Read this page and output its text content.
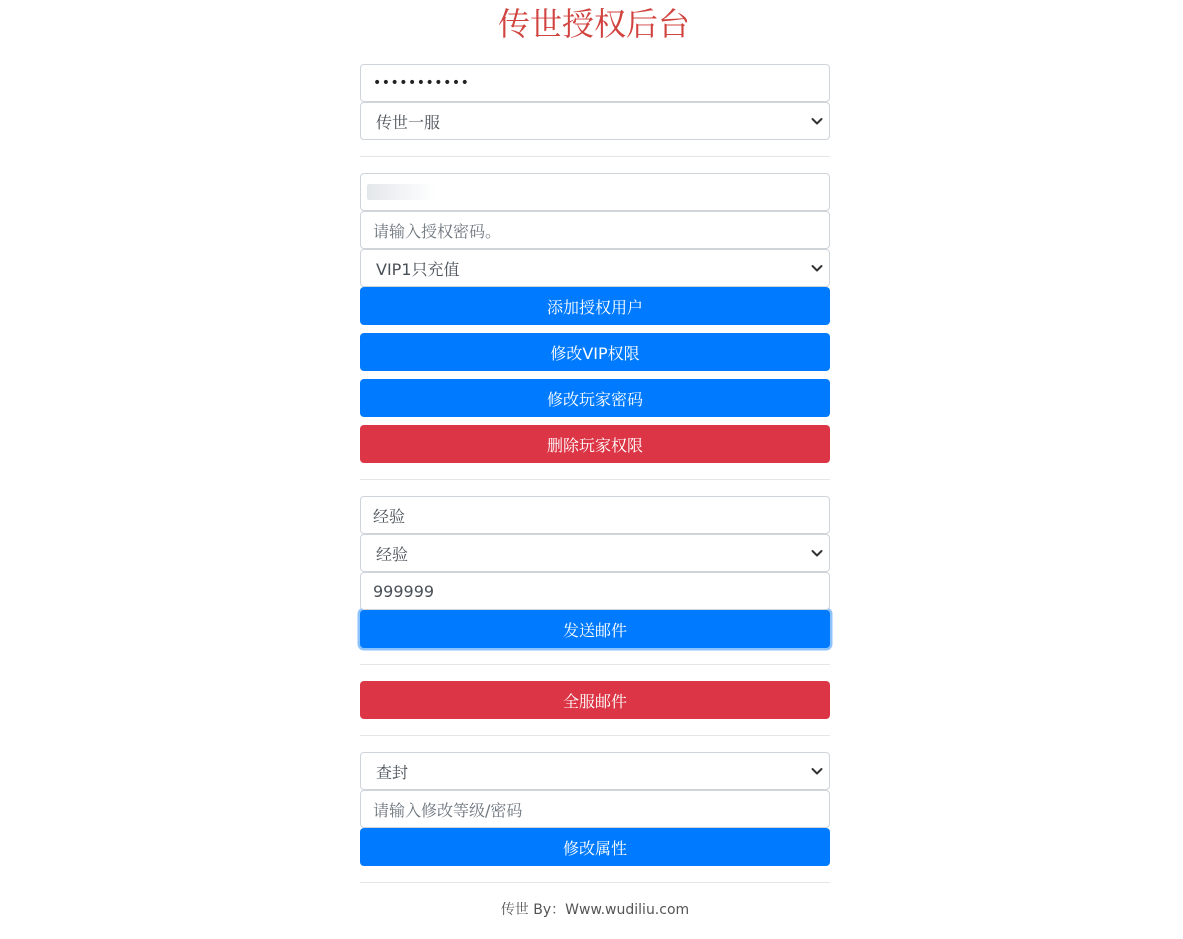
传世授权后台
•••••••••••
传世一服
请输入授权密码。
VIP1只充值
添加授权用户
修改VIP权限
修改玩家密码
删除玩家权限
经验
经验
999999
发送邮件
全服邮件
查封
请输入修改等级/密码
修改属性
传世 By：Www.wudiliu.com
